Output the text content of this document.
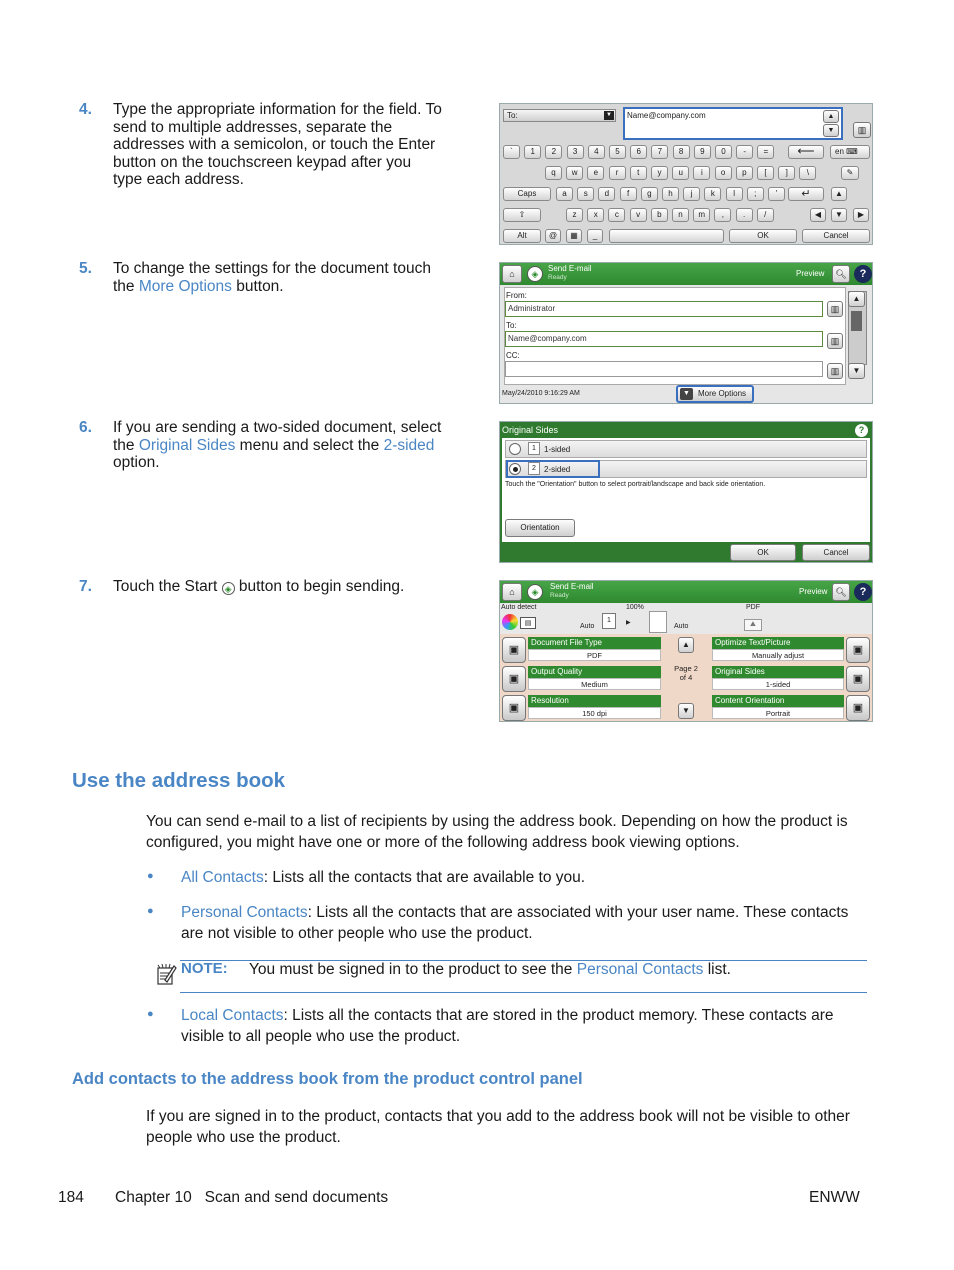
4. Type the appropriate information for the field. To send to multiple addresses, separate the addresses with a semicolon, or touch the Enter button on the touchscreen keypad after you type each address.
To:	▼	Name@company.com	▲
▼	▥
`	1	2	3	4	5	6	7	8	9	0	-	=	⟵	en ⌨
q	w	e	r	t	y	u	i	o	p	[	]	\	✎
Caps	a	s	d	f	g	h	j	k	l	;	'	↵	▲
⇧	z	x	c	v	b	n	m	,	.	/	◀	▼	▶
Alt	@	▦	_	OK	Cancel
5. To change the settings for the document touch the More Options button.
⌂	◈
Send E-mail
Ready	Preview	🔍︎	?
From:
Administrator	▥
To:
Name@company.com	▥
CC:
▥
▲
▼
May/24/2010 9:16:29 AM	▼	More Options
6. If you are sending a two-sided document, select the Original Sides menu and select the 2-sided option.
Original Sides	?
1	1-sided
2	2-sided
Touch the "Orientation" button to select portrait/landscape and back side orientation.
Orientation
OK	Cancel
7. Touch the Start ◈ button to begin sending.	⌂	◈
Send E-mail
Ready	Preview 🔍︎	?
Auto detect
▤	Auto
1	▶
100%
Auto
PDF
⛰
▣
Document File Type
PDF
▣
Output Quality
Medium
▣
Resolution
150 dpi
▣
Optimize Text/Picture
Manually adjust
▣
Original Sides
1-sided
▣
Content Orientation
Portrait
▲
Page 2
of 4
▼
Use the address book
You can send e-mail to a list of recipients by using the address book. Depending on how the product is configured, you might have one or more of the following address book viewing options.
● All Contacts: Lists all the contacts that are available to you.
● Personal Contacts: Lists all the contacts that are associated with your user name. These contacts are not visible to other people who use the product.
NOTE: You must be signed in to the product to see the Personal Contacts list.
● Local Contacts: Lists all the contacts that are stored in the product memory. These contacts are visible to all people who use the product.
Add contacts to the address book from the product control panel
If you are signed in to the product, contacts that you add to the address book will not be visible to other people who use the product.
184 Chapter 10   Scan and send documents	ENWW
